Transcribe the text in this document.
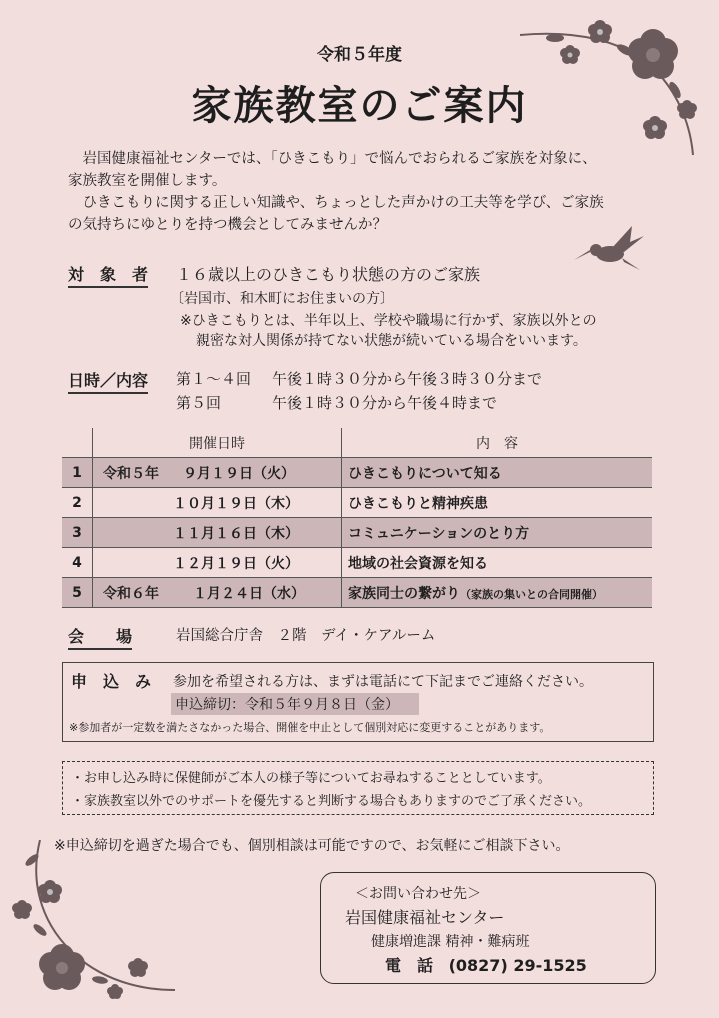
令和５年度
家族教室のご案内

　岩国健康福祉センターでは、「ひきこもり」で悩んでおられるご家族を対象に、

家族教室を開催します。

　ひきこもりに関する正しい知識や、ちょっとした声かけの工夫等を学び、ご家族

の気持ちにゆとりを持つ機会としてみませんか？

対　象　者 １６歳以上のひきこもり状態の方のご家族
〔岩国市、和木町にお住まいの方〕
※ひきこもりとは、半年以上、学校や職場に行かず、家族以外との
親密な対人関係が持てない状態が続いている場合をいいます。
日時／内容 第１～４回 午後１時３０分から午後３時３０分まで
第５回	午後１時３０分から午後４時まで
	開催日時	内　容
1	令和５年 ９月１９日（火）	ひきこもりについて知る
2	１０月１９日（木）	ひきこもりと精神疾患
3	１１月１６日（木）	コミュニケーションのとり方
4	１２月１９日（火）	地域の社会資源を知る
5	令和６年 １月２４日（水）	家族同士の繋がり（家族の集いとの合同開催）
会　　場	岩国総合庁舎　２階　デイ・ケアルーム
申　込　み 参加を希望される方は、まずは電話にて下記までご連絡ください。
申込締切：令和５年９月８日（金）
※参加者が一定数を満たさなかった場合、開催を中止として個別対応に変更することがあります。
・お申し込み時に保健師がご本人の様子等についてお尋ねすることとしています。
・家族教室以外でのサポートを優先すると判断する場合もありますのでご了承ください。
※申込締切を過ぎた場合でも、個別相談は可能ですので、お気軽にご相談下さい。
＜お問い合わせ先＞
岩国健康福祉センター
健康増進課 精神・難病班
電　話 (0827) 29-1525
